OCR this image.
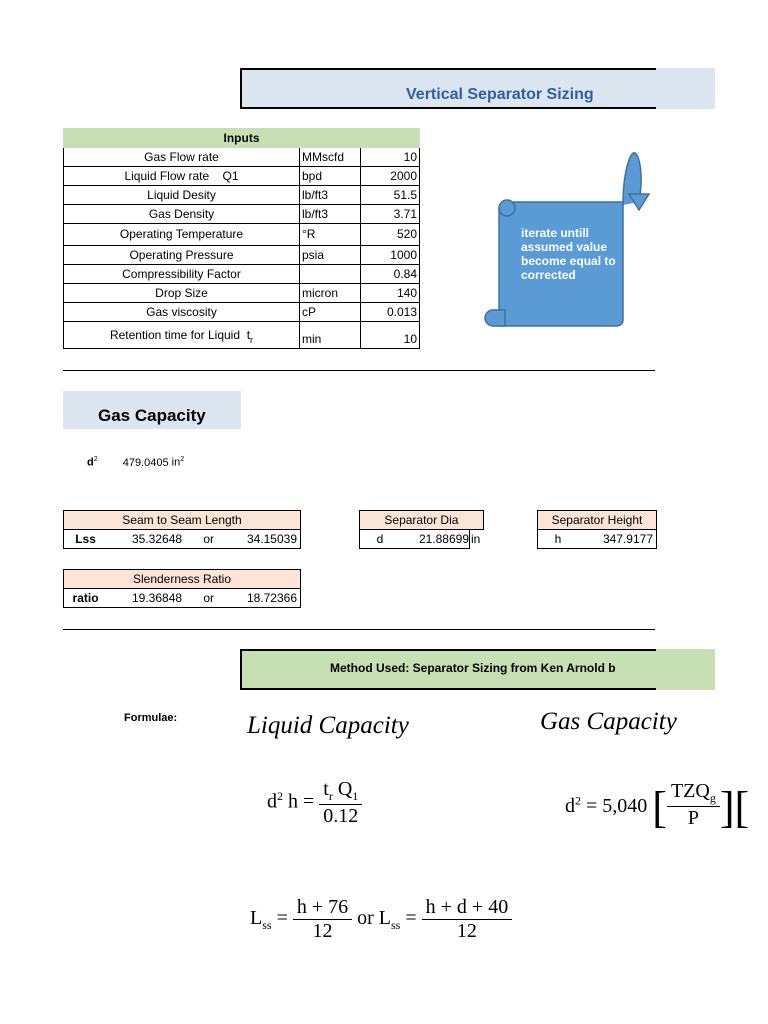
Vertical Separator Sizing
Inputs		
Gas Flow rate	MMscfd	10
Liquid Flow rate    Q1	bpd	2000
Liquid Desity	lb/ft3	51.5
Gas Density	lb/ft3	3.71
Operating Temperature	°R	520
Operating Pressure	psia	1000
Compressibility Factor		0.84
Drop Size	micron	140
Gas viscosity	cP	0.013
Retention time for Liquid  $t_r$	min	10
iterate untill assumed value become equal to corrected
Gas Capacity
$d^2$ 479.0405 $in^2$
Seam to Seam Length
Lss	35.32648	or	34.15039
Separator Dia
d	21.88699	in
Separator Height
h	347.9177
Slenderness Ratio
ratio	19.36848	or	18.72366
Method Used: Separator Sizing from Ken Arnold b
Formulae:	Liquid Capacity	Gas Capacity
$d^2$ $h = \frac{t_r Q_1}{0.12}$	$d^2 = 5,040$ [ $\frac{TZQ_g}{P}$ ][
$L_{ss} = \frac{h + 76}{12}$ or $L_{ss} = \frac{h + d + 40}{12}$
